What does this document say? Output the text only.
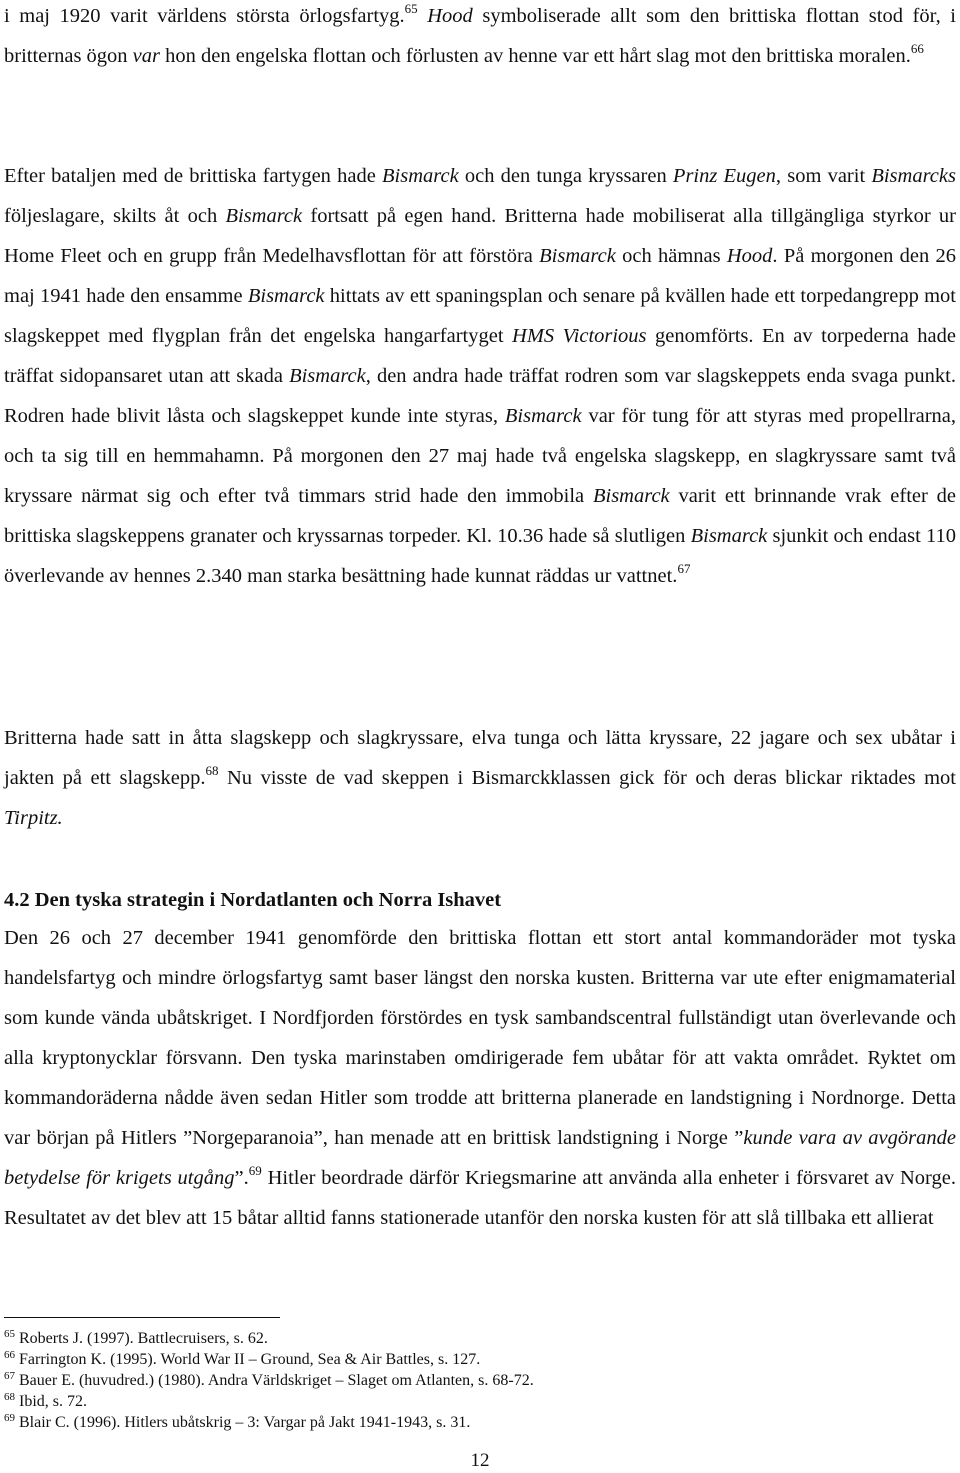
i maj 1920 varit världens största örlogsfartyg.$^{65}$ Hood symboliserade allt som den brittiska flottan stod för, i britternas ögon var hon den engelska flottan och förlusten av henne var ett hårt slag mot den brittiska moralen.$^{66}$

Efter bataljen med de brittiska fartygen hade Bismarck och den tunga kryssaren Prinz Eugen, som varit Bismarcks följeslagare, skilts åt och Bismarck fortsatt på egen hand. Britterna hade mobiliserat alla tillgängliga styrkor ur Home Fleet och en grupp från Medelhavsflottan för att förstöra Bismarck och hämnas Hood. På morgonen den 26 maj 1941 hade den ensamme Bismarck hittats av ett spaningsplan och senare på kvällen hade ett torpedangrepp mot slagskeppet med flygplan från det engelska hangarfartyget HMS Victorious genomförts. En av torpederna hade träffat sidopansaret utan att skada Bismarck, den andra hade träffat rodren som var slagskeppets enda svaga punkt. Rodren hade blivit låsta och slagskeppet kunde inte styras, Bismarck var för tung för att styras med propellrarna, och ta sig till en hemmahamn. På morgonen den 27 maj hade två engelska slagskepp, en slagkryssare samt två kryssare närmat sig och efter två timmars strid hade den immobila Bismarck varit ett brinnande vrak efter de brittiska slagskeppens granater och kryssarnas torpeder. Kl. 10.36 hade så slutligen Bismarck sjunkit och endast 110 överlevande av hennes 2.340 man starka besättning hade kunnat räddas ur vattnet.$^{67}$

Britterna hade satt in åtta slagskepp och slagkryssare, elva tunga och lätta kryssare, 22 jagare och sex ubåtar i jakten på ett slagskepp.$^{68}$ Nu visste de vad skeppen i Bismarckklassen gick för och deras blickar riktades mot Tirpitz.

4.2 Den tyska strategin i Nordatlanten och Norra Ishavet

Den 26 och 27 december 1941 genomförde den brittiska flottan ett stort antal kommandoräder mot tyska handelsfartyg och mindre örlogsfartyg samt baser längst den norska kusten. Britterna var ute efter enigmamaterial som kunde vända ubåtskriget. I Nordfjorden förstördes en tysk sambandscentral fullständigt utan överlevande och alla kryptonycklar försvann. Den tyska marinstaben omdirigerade fem ubåtar för att vakta området. Ryktet om kommandoräderna nådde även sedan Hitler som trodde att britterna planerade en landstigning i Nordnorge. Detta var början på Hitlers ”Norgeparanoia”, han menade att en brittisk landstigning i Norge ”kunde vara av avgörande betydelse för krigets utgång”.$^{69}$ Hitler beordrade därför Kriegsmarine att använda alla enheter i försvaret av Norge. Resultatet av det blev att 15 båtar alltid fanns stationerade utanför den norska kusten för att slå tillbaka ett allierat

$^{65}$ Roberts J. (1997). Battlecruisers, s. 62.
$^{66}$ Farrington K. (1995). World War II – Ground, Sea & Air Battles, s. 127.
$^{67}$ Bauer E. (huvudred.) (1980). Andra Världskriget – Slaget om Atlanten, s. 68-72.
$^{68}$ Ibid, s. 72.
$^{69}$ Blair C. (1996). Hitlers ubåtskrig – 3: Vargar på Jakt 1941-1943, s. 31.
12
